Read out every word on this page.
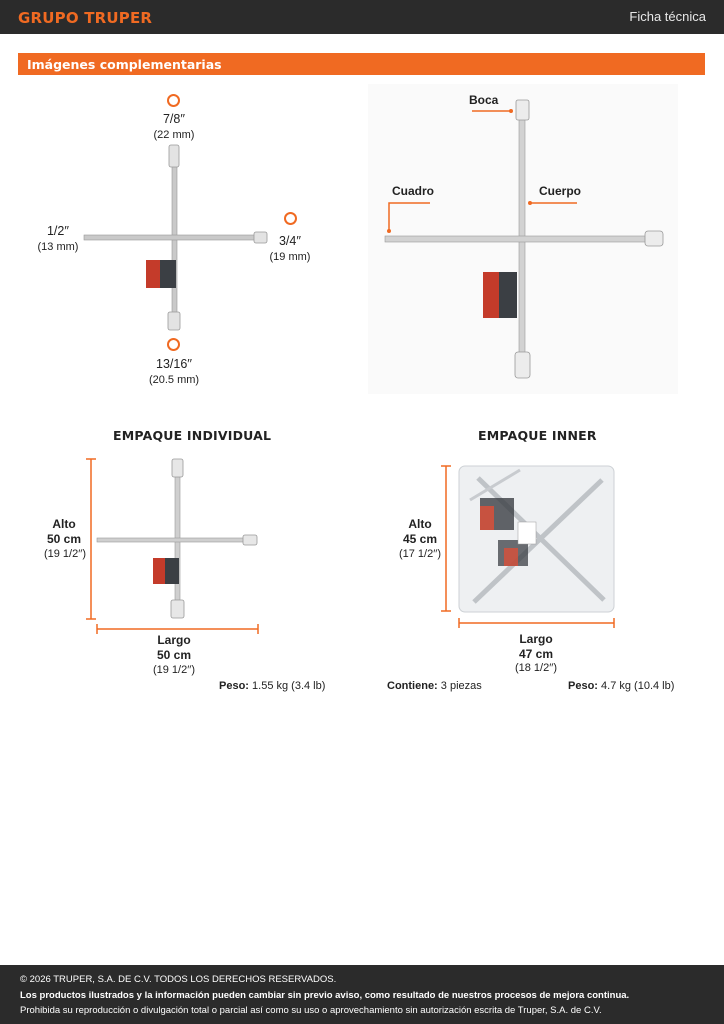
GRUPO TRUPER	Ficha técnica
Imágenes complementarias
7/8′′
(22 mm)
1/2′′
(13 mm)	3/4′′
(19 mm)
13/16′′
(20.5 mm)
Boca
Cuadro	Cuerpo
EMPAQUE INDIVIDUAL
Alto
50 cm
(19 1/2′′)
Largo
50 cm
(19 1/2′′)
Peso: 1.55 kg (3.4 lb)
EMPAQUE INNER
Alto
45 cm
(17 1/2′′)
Largo
47 cm
(18 1/2′′)
Contiene: 3 piezas	Peso: 4.7 kg (10.4 lb)
© 2026 TRUPER, S.A. DE C.V. TODOS LOS DERECHOS RESERVADOS.
Los productos ilustrados y la información pueden cambiar sin previo aviso, como resultado de nuestros procesos de mejora continua.
Prohibida su reproducción o divulgación total o parcial así como su uso o aprovechamiento sin autorización escrita de Truper, S.A. de C.V.
